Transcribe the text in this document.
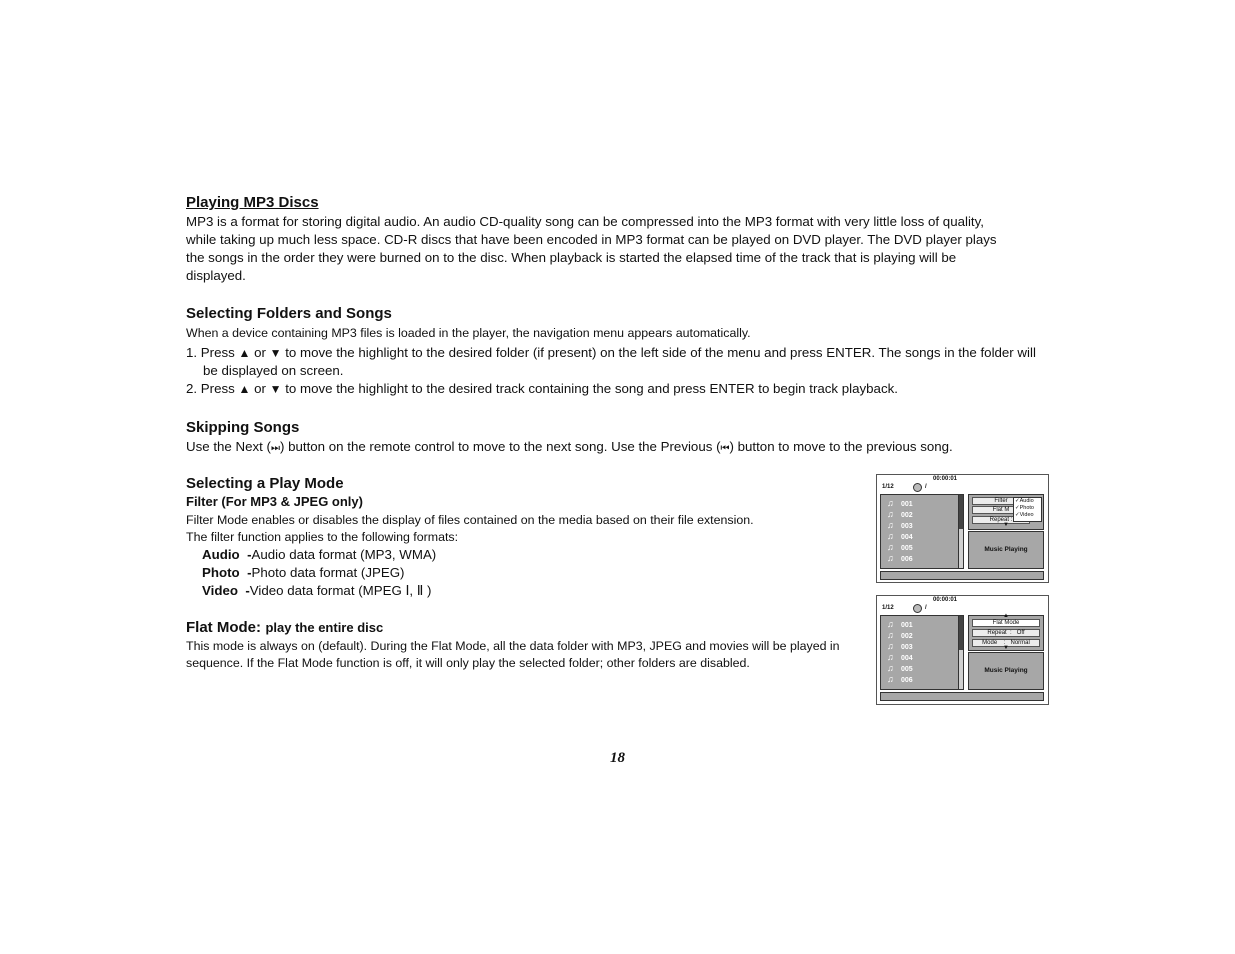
Playing MP3 Discs
MP3 is a format for storing digital audio. An audio CD-quality song can be compressed into the MP3 format with very little loss of quality,
while taking up much less space. CD-R discs that have been encoded in MP3 format can be played on DVD player. The DVD player plays
the songs in the order they were burned on to the disc. When playback is started the elapsed time of the track that is playing will be
displayed.
Selecting Folders and Songs
When a device containing MP3 files is loaded in the player, the navigation menu appears automatically.
1. Press ▲ or ▼ to move the highlight to the desired folder (if present) on the left side of the menu and press ENTER. The songs in the folder will
be displayed on screen.
2. Press ▲ or ▼ to move the highlight to the desired track containing the song and press ENTER to begin track playback.
Skipping Songs
Use the Next (⏭) button on the remote control to move to the next song. Use the Previous (⏮) button to move to the previous song.
Selecting a Play Mode
Filter (For MP3 & JPEG only)
Filter Mode enables or disables the display of files contained on the media based on their file extension.
The filter function applies to the following formats:
Audio -Audio data format (MP3, WMA)
Photo -Photo data format (JPEG)
Video -Video data format (MPEG Ⅰ, Ⅱ )
Flat Mode: play the entire disc
This mode is always on (default). During the Flat Mode, all the data folder with MP3, JPEG and movies will be played in
sequence. If the Flat Mode function is off, it will only play the selected folder; other folders are disabled.
00:00:01
1/12	/
♫ 001
♫ 002
♫ 003
♫ 004
♫ 005
♫ 006
Filter
Flat M
Repeat :
▼
✓Audio
✓Photo
✓Video
Music Playing
00:00:01
1/12	/
♫ 001
♫ 002
♫ 003
♫ 004
♫ 005
♫ 006
▲
Flat Mode
Repeat  :   Off
Mode    :   Normal
▼
Music Playing
18
